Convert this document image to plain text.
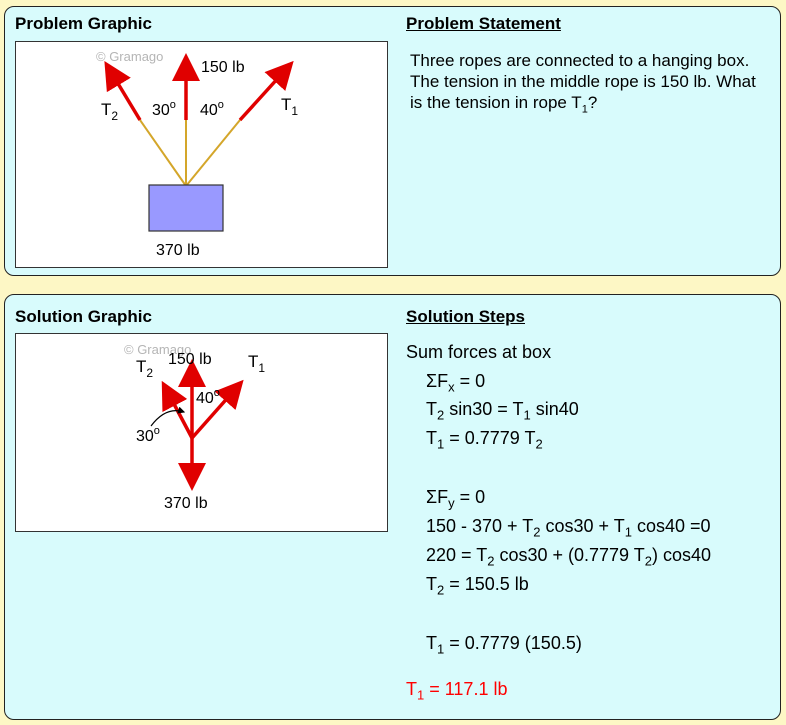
Problem Graphic	Problem Statement
© Gramago
150 lb
$T_2$
$T_1$
30$^o$ 40$^o$
370 lb
Three ropes are connected to a hanging box. The tension in the middle rope is 150 lb. What is the tension in rope $T_1$?
Solution Graphic	Solution Steps
© Gramago
150 lb
$T_2$
$T_1$
40$^o$
30$^o$
370 lb
Sum forces at box
$\Sigma F_x = 0$
$T_2$ $\sin 30 = T_1$ sin40
$T_1 = 0.7779$ $T_2$
$\Sigma F_y = 0$
$150 - 370 + T_2$ $\cos 30 + T_1$ cos40 =0
$220 = T_2$ cos30 + (0.7779 $T_2$) cos40
$T_2 = 150.5$ lb
$T_1 = 0.7779$ (150.5)
$T_1 = 117.1$ lb
